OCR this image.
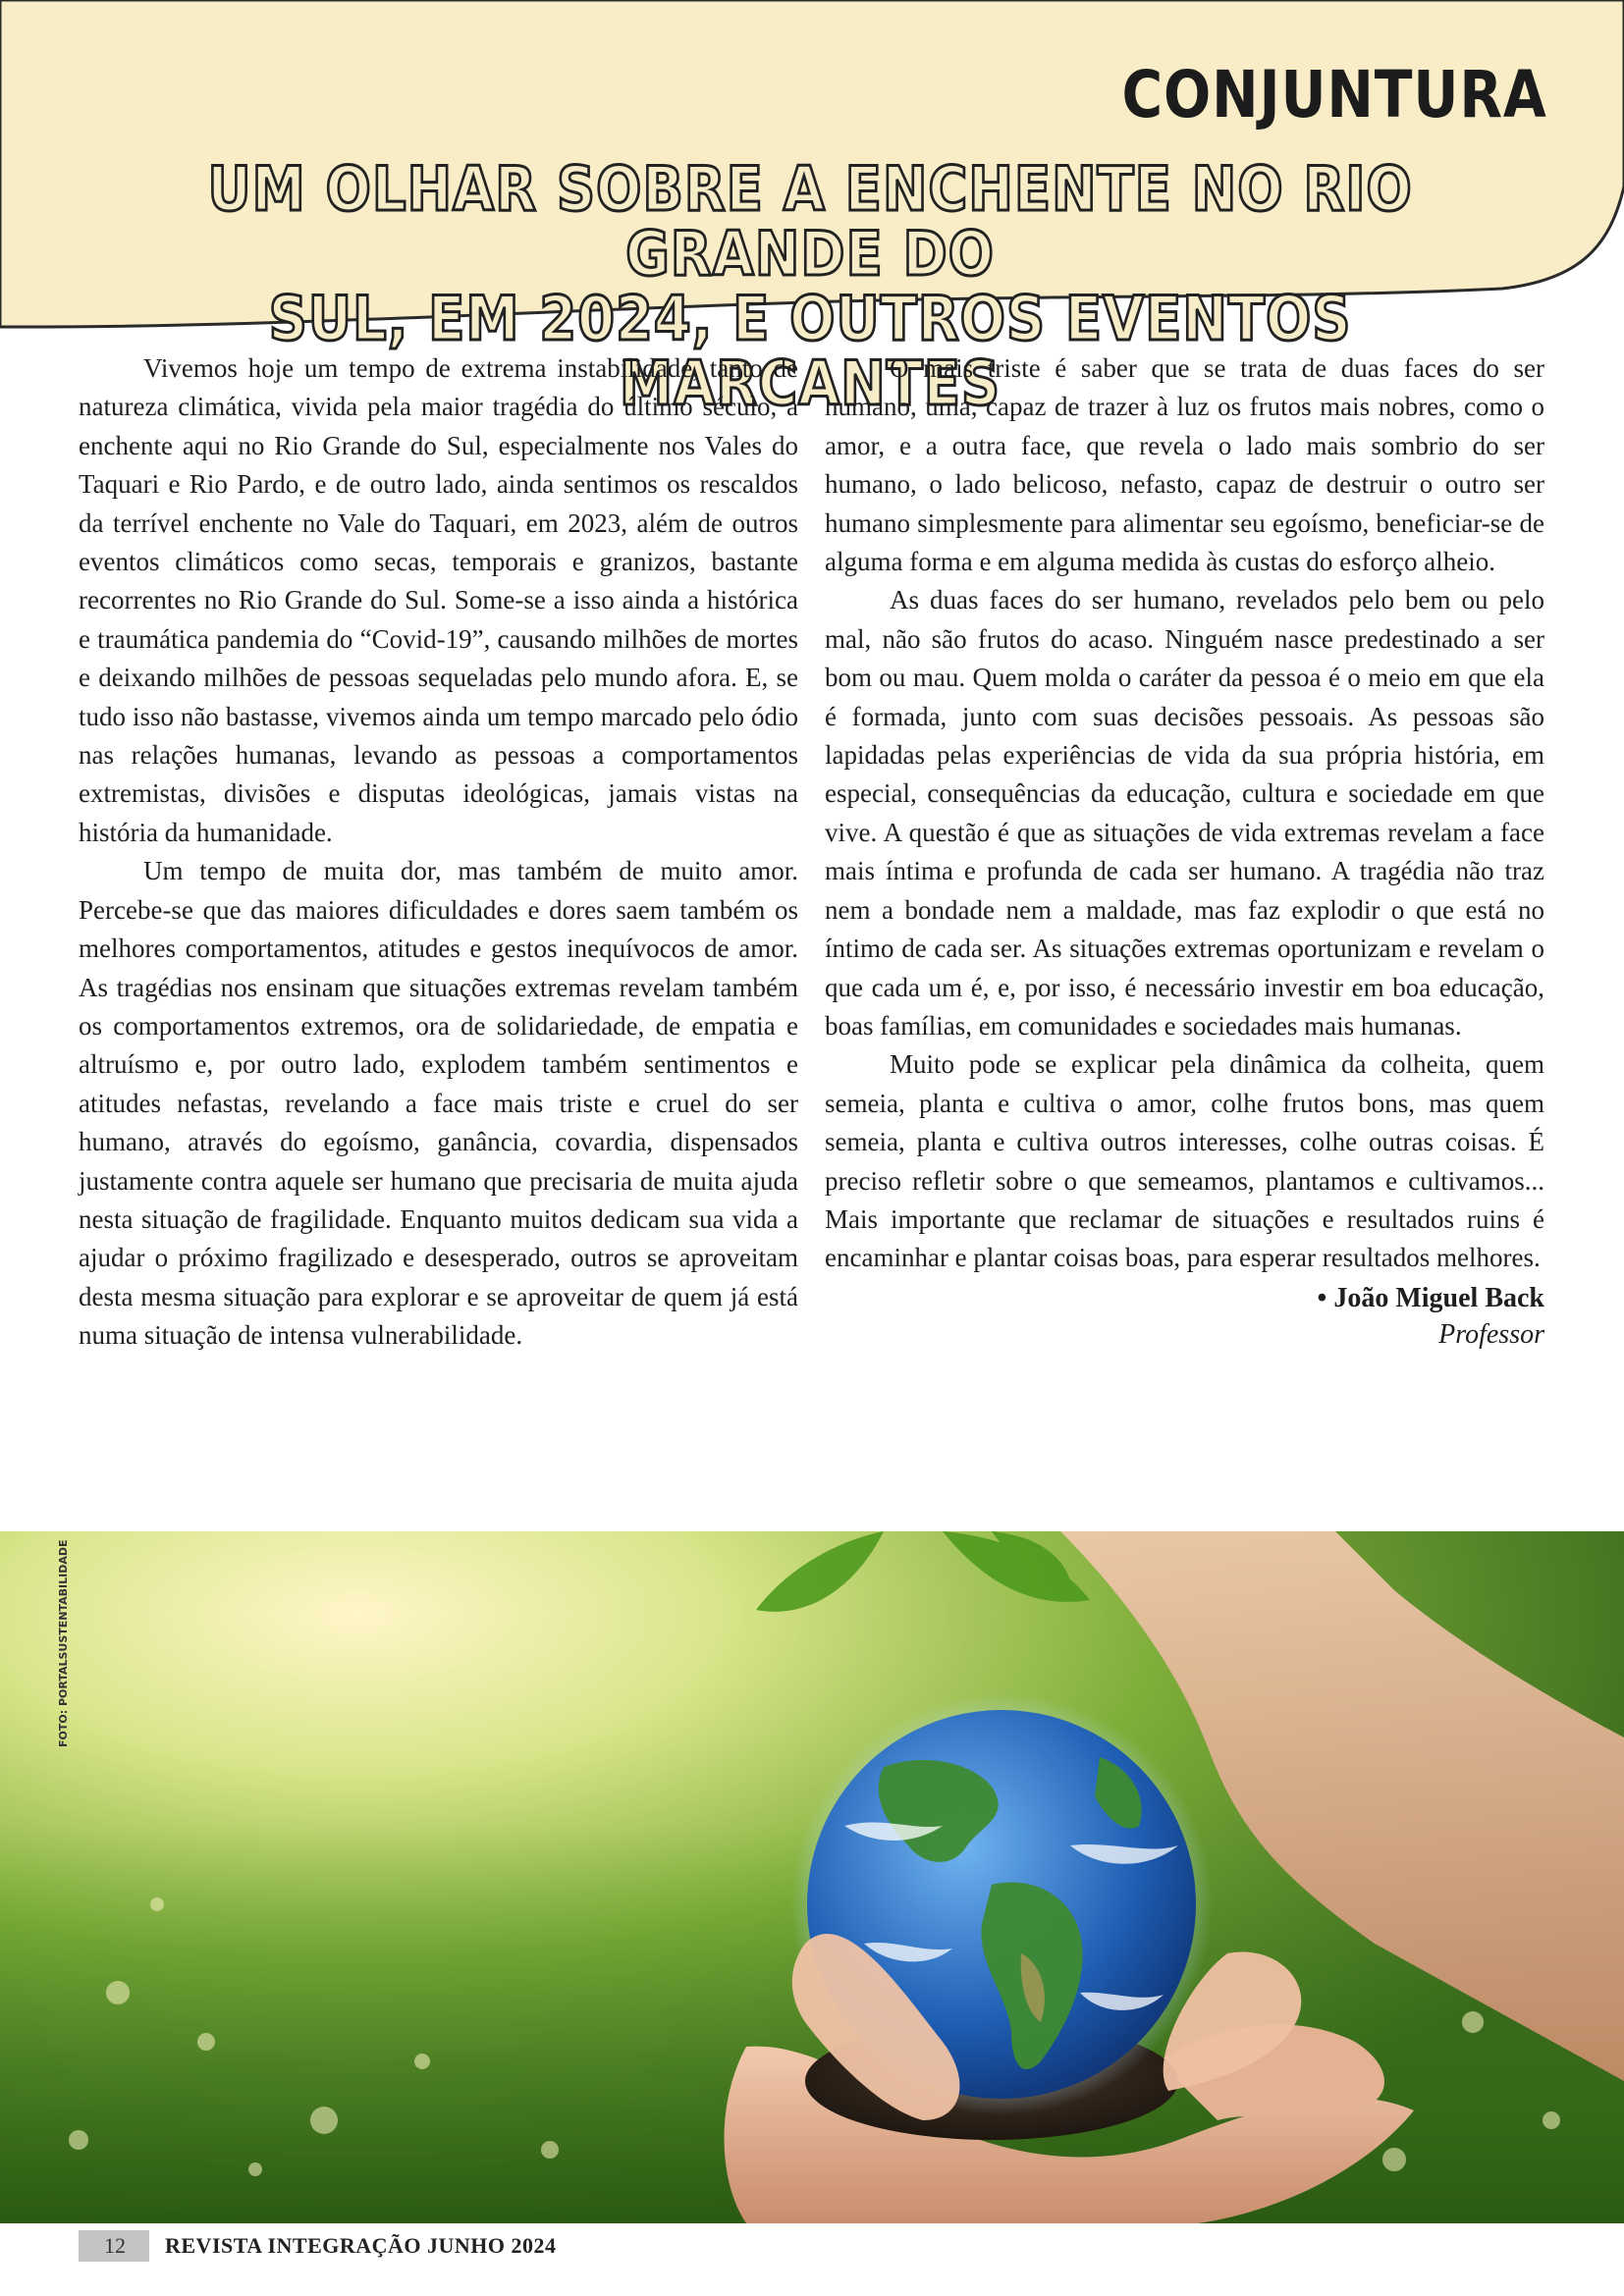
CONJUNTURA
UM OLHAR SOBRE A ENCHENTE NO RIO GRANDE DO
SUL, EM 2024, E OUTROS EVENTOS MARCANTES

Vivemos hoje um tempo de extrema instabilidade, tanto de natureza climática, vivida pela maior tragédia do último século, a enchente aqui no Rio Grande do Sul, especialmente nos Vales do Taquari e Rio Pardo, e de outro lado, ainda sentimos os rescaldos da terrível enchente no Vale do Taquari, em 2023, além de outros eventos climáticos como secas, temporais e granizos, bastante recorrentes no Rio Grande do Sul. Some-se a isso ainda a histórica e traumática pandemia do “Covid-19”, causando milhões de mortes e deixando milhões de pessoas sequeladas pelo mundo afora. E, se tudo isso não bastasse, vivemos ainda um tempo marcado pelo ódio nas relações humanas, levando as pessoas a comportamentos extremistas, divisões e disputas ideológicas, jamais vistas na história da humanidade.

Um tempo de muita dor, mas também de muito amor. Percebe-se que das maiores dificuldades e dores saem também os melhores comportamentos, atitudes e gestos inequívocos de amor. As tragédias nos ensinam que situações extremas revelam também os comportamentos extremos, ora de solidariedade, de empatia e altruísmo e, por outro lado, explodem também sentimentos e atitudes nefastas, revelando a face mais triste e cruel do ser humano, através do egoísmo, ganância, covardia, dispensados justamente contra aquele ser humano que precisaria de muita ajuda nesta situação de fragilidade. Enquanto muitos dedicam sua vida a ajudar o próximo fragilizado e desesperado, outros se aproveitam desta mesma situação para explorar e se aproveitar de quem já está numa situação de intensa vulnerabilidade.

O mais triste é saber que se trata de duas faces do ser humano, uma, capaz de trazer à luz os frutos mais nobres, como o amor, e a outra face, que revela o lado mais sombrio do ser humano, o lado belicoso, nefasto, capaz de destruir o outro ser humano simplesmente para alimentar seu egoísmo, beneficiar-se de alguma forma e em alguma medida às custas do esforço alheio.

As duas faces do ser humano, revelados pelo bem ou pelo mal, não são frutos do acaso. Ninguém nasce predestinado a ser bom ou mau. Quem molda o caráter da pessoa é o meio em que ela é formada, junto com suas decisões pessoais. As pessoas são lapidadas pelas experiências de vida da sua própria história, em especial, consequências da educação, cultura e sociedade em que vive. A questão é que as situações de vida extremas revelam a face mais íntima e profunda de cada ser humano. A tragédia não traz nem a bondade nem a maldade, mas faz explodir o que está no íntimo de cada ser. As situações extremas oportunizam e revelam o que cada um é, e, por isso, é necessário investir em boa educação, boas famílias, em comunidades e sociedades mais humanas.

Muito pode se explicar pela dinâmica da colheita, quem semeia, planta e cultiva o amor, colhe frutos bons, mas quem semeia, planta e cultiva outros interesses, colhe outras coisas. É preciso refletir sobre o que semeamos, plantamos e cultivamos... Mais importante que reclamar de situações e resultados ruins é encaminhar e plantar coisas boas, para esperar resultados melhores.

• João Miguel Back
Professor
FOTO: PORTALSUSTENTABILIDADE
12	REVISTA INTEGRAÇÃO JUNHO 2024
